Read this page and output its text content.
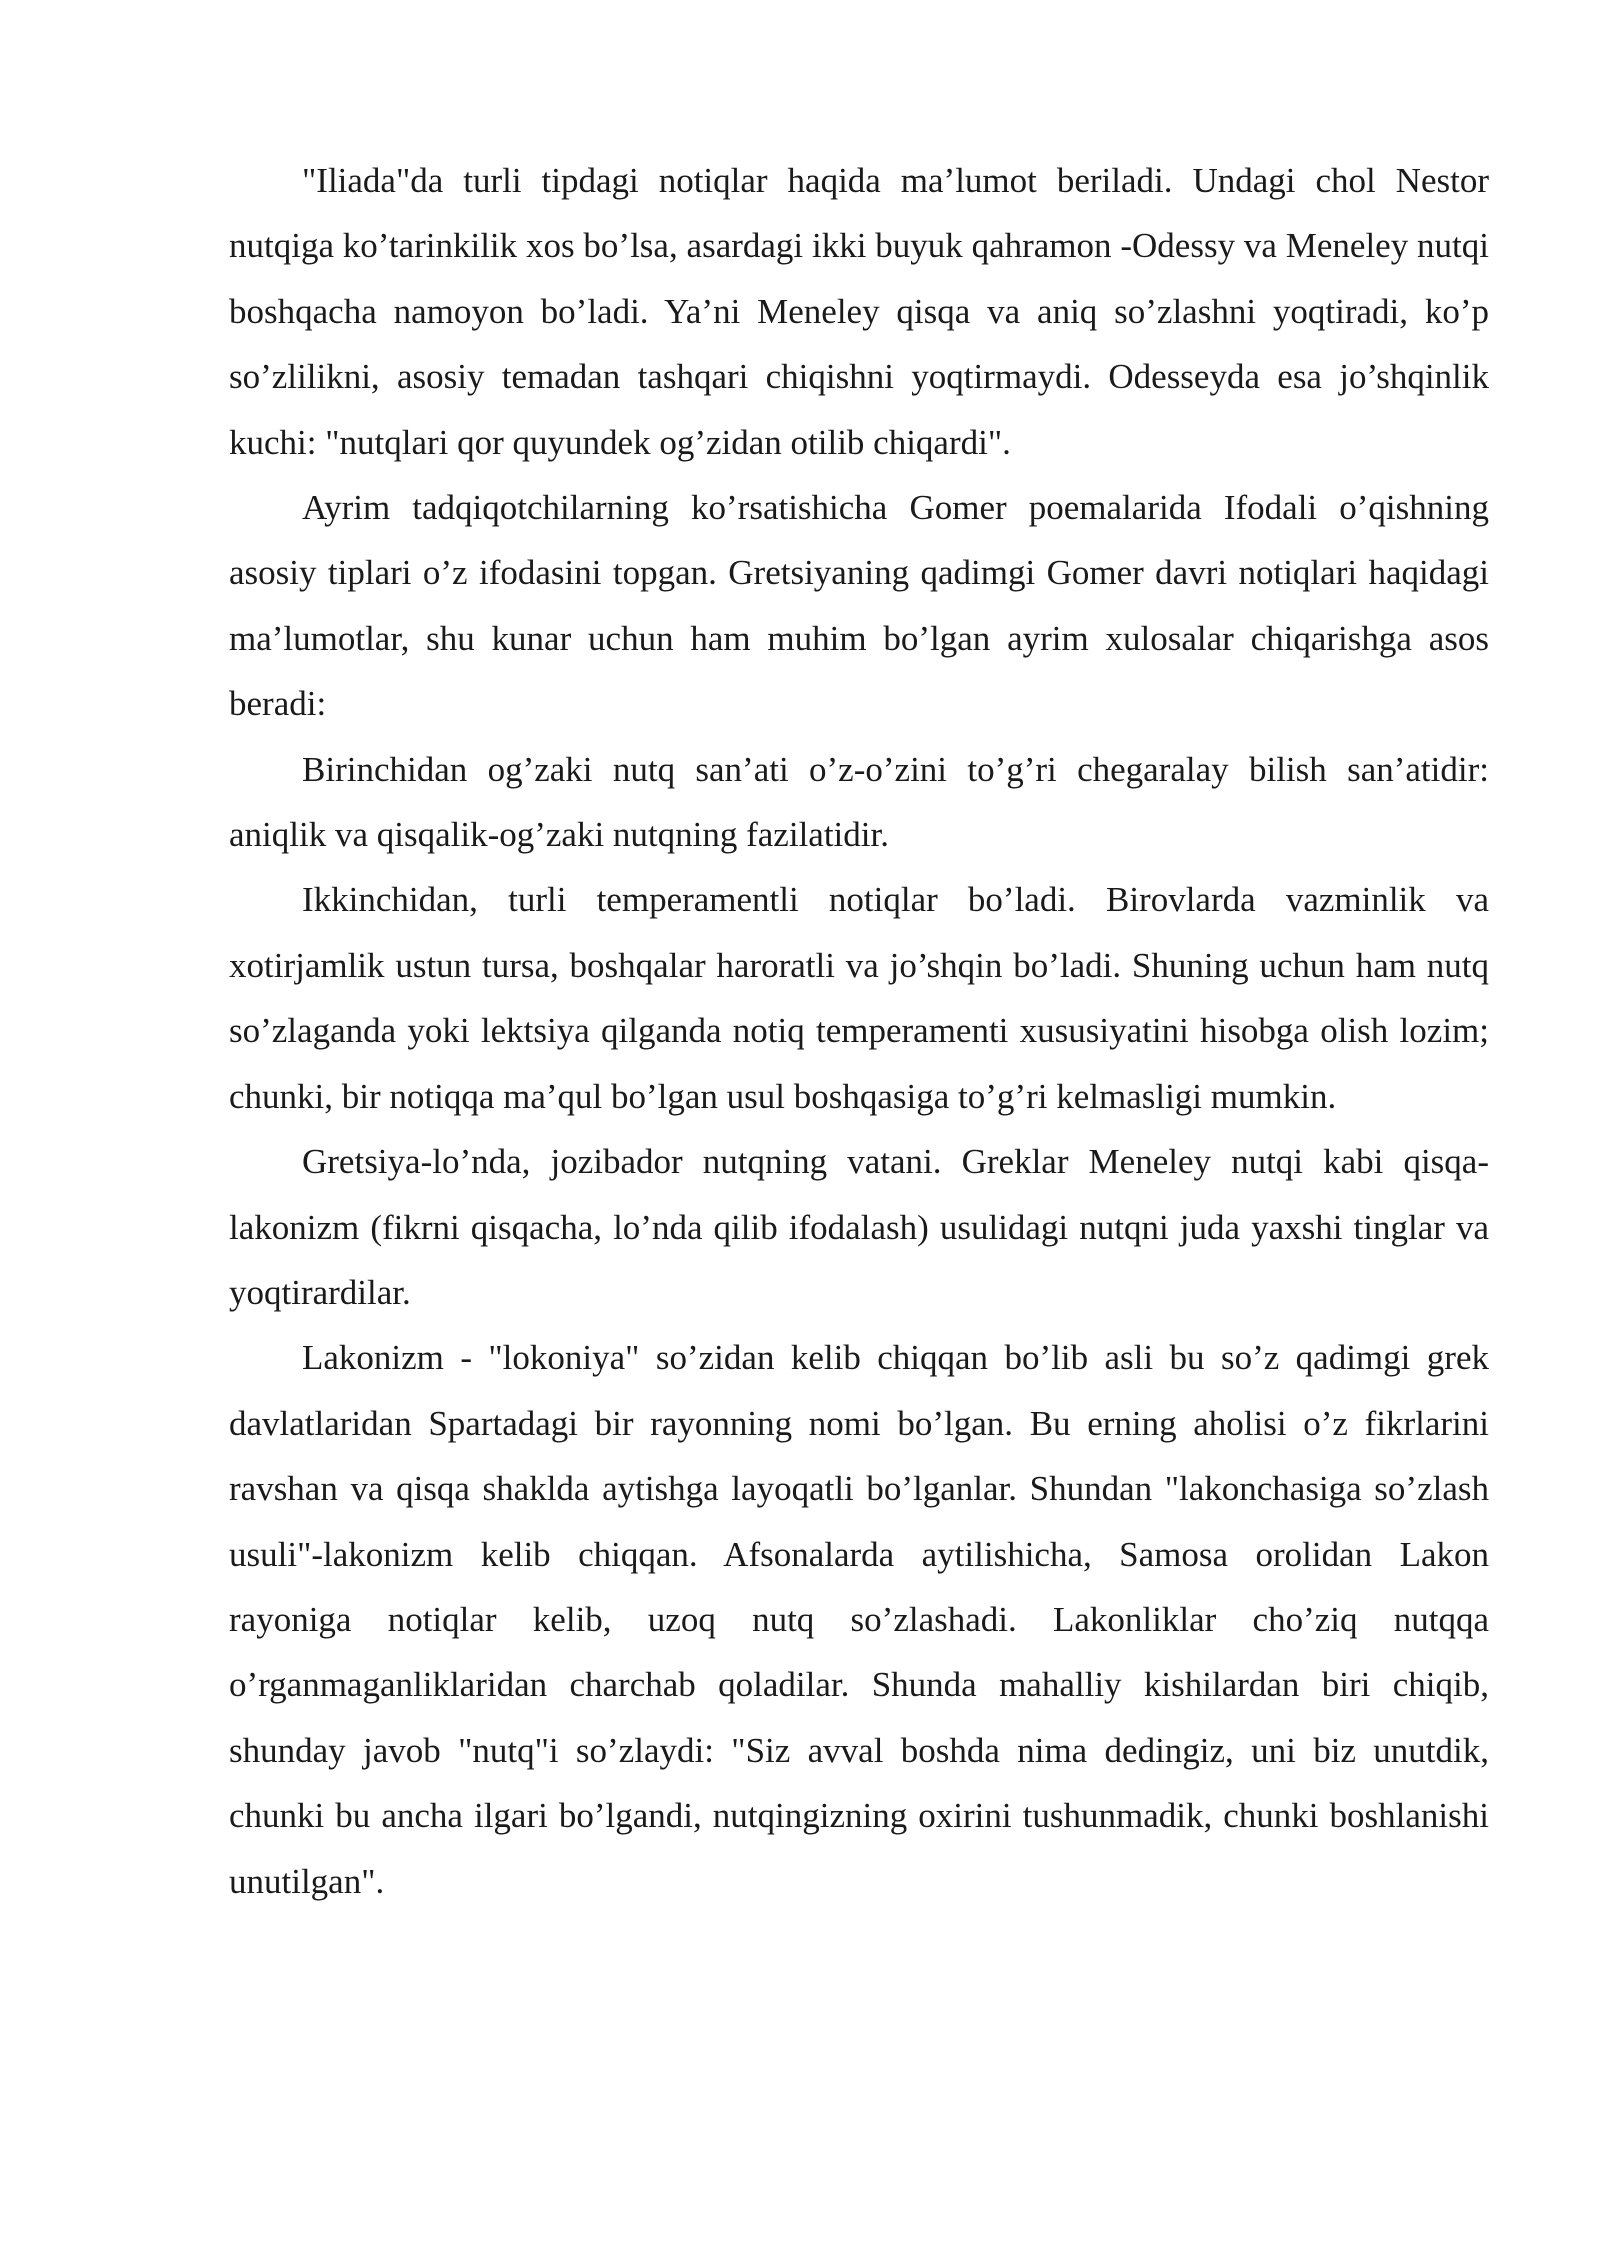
"Iliada"da turli tipdagi notiqlar haqida ma’lumot beriladi. Undagi chol Nestor nutqiga ko’tarinkilik xos bo’lsa, asardagi ikki buyuk qahramon -Odessy va Meneley nutqi boshqacha namoyon bo’ladi. Ya’ni Meneley qisqa va aniq so’zlashni yoqtiradi, ko’p so’zlilikni, asosiy temadan tashqari chiqishni yoqtirmaydi. Odesseyda esa jo’shqinlik kuchi: "nutqlari qor quyundek og’zidan otilib chiqardi".

Ayrim tadqiqotchilarning ko’rsatishicha Gomer poemalarida Ifodali o’qishning asosiy tiplari o’z ifodasini topgan. Gretsiyaning qadimgi Gomer davri notiqlari haqidagi ma’lumotlar, shu kunar uchun ham muhim bo’lgan ayrim xulosalar chiqarishga asos beradi:

Birinchidan og’zaki nutq san’ati o’z-o’zini to’g’ri chegaralay bilish san’atidir: aniqlik va qisqalik-og’zaki nutqning fazilatidir.

Ikkinchidan, turli temperamentli notiqlar bo’ladi. Birovlarda vazminlik va xotirjamlik ustun tursa, boshqalar haroratli va jo’shqin bo’ladi. Shuning uchun ham nutq so’zlaganda yoki lektsiya qilganda notiq temperamenti xususiyatini hisobga olish lozim; chunki, bir notiqqa ma’qul bo’lgan usul boshqasiga to’g’ri kelmasligi mumkin.

Gretsiya-lo’nda, jozibador nutqning vatani. Greklar Meneley nutqi kabi qisqa-lakonizm (fikrni qisqacha, lo’nda qilib ifodalash) usulidagi nutqni juda yaxshi tinglar va yoqtirardilar.

Lakonizm - "lokoniya" so’zidan kelib chiqqan bo’lib asli bu so’z qadimgi grek davlatlaridan Spartadagi bir rayonning nomi bo’lgan. Bu erning aholisi o’z fikrlarini ravshan va qisqa shaklda aytishga layoqatli bo’lganlar. Shundan "lakonchasiga so’zlash usuli"-lakonizm kelib chiqqan. Afsonalarda aytilishicha, Samosa orolidan Lakon rayoniga notiqlar kelib, uzoq nutq so’zlashadi. Lakonliklar cho’ziq nutqqa o’rganmaganliklaridan charchab qoladilar. Shunda mahalliy kishilardan biri chiqib, shunday javob "nutq"i so’zlaydi: "Siz avval boshda nima dedingiz, uni biz unutdik, chunki bu ancha ilgari bo’lgandi, nutqingizning oxirini tushunmadik, chunki boshlanishi unutilgan".
